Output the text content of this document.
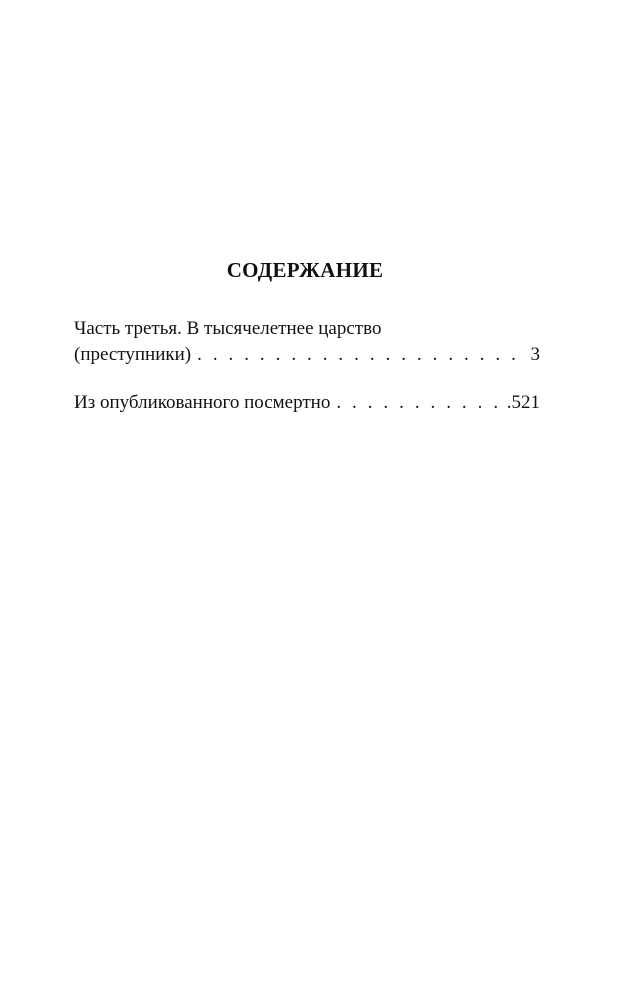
СОДЕРЖАНИЕ
Часть третья. В тысячелетнее царство
(преступники) . . .	3
Из опубликованного посмертно . . .	.521
